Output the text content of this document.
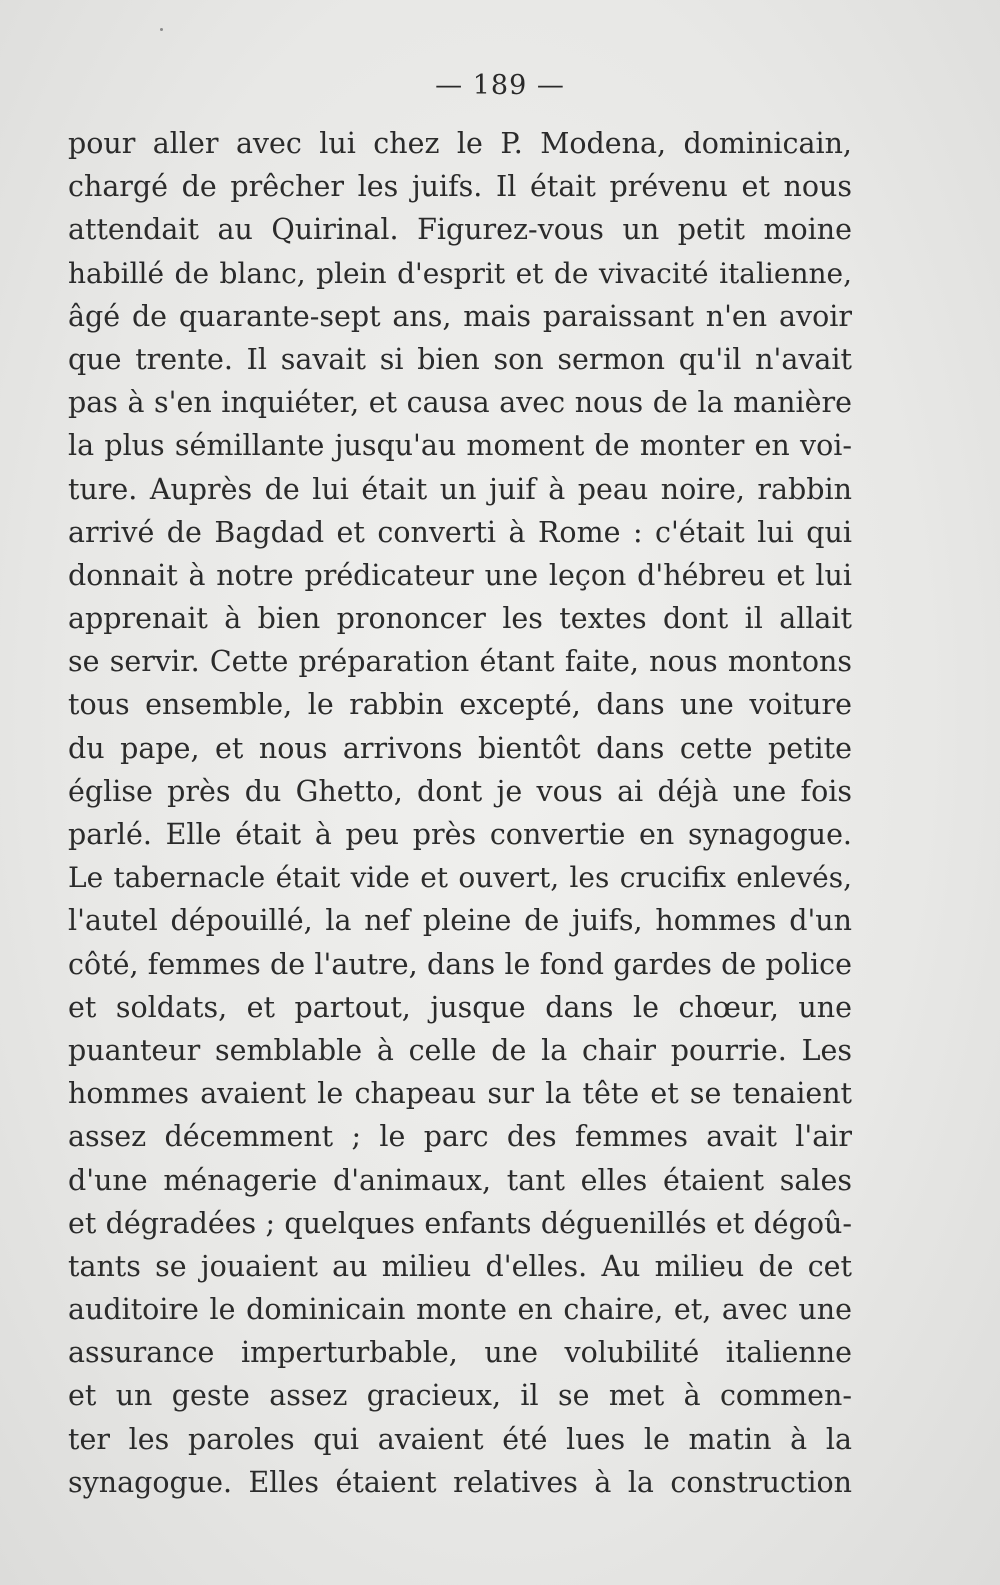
— 189 —
pour aller avec lui chez le P. Modena, dominicain,
chargé de prêcher les juifs. Il était prévenu et nous
attendait au Quirinal. Figurez-vous un petit moine
habillé de blanc, plein d'esprit et de vivacité italienne,
âgé de quarante-sept ans, mais paraissant n'en avoir
que trente. Il savait si bien son sermon qu'il n'avait
pas à s'en inquiéter, et causa avec nous de la manière
la plus sémillante jusqu'au moment de monter en voi-
ture. Auprès de lui était un juif à peau noire, rabbin
arrivé de Bagdad et converti à Rome : c'était lui qui
donnait à notre prédicateur une leçon d'hébreu et lui
apprenait à bien prononcer les textes dont il allait
se servir. Cette préparation étant faite, nous montons
tous ensemble, le rabbin excepté, dans une voiture
du pape, et nous arrivons bientôt dans cette petite
église près du Ghetto, dont je vous ai déjà une fois
parlé. Elle était à peu près convertie en synagogue.
Le tabernacle était vide et ouvert, les crucifix enlevés,
l'autel dépouillé, la nef pleine de juifs, hommes d'un
côté, femmes de l'autre, dans le fond gardes de police
et soldats, et partout, jusque dans le chœur, une
puanteur semblable à celle de la chair pourrie. Les
hommes avaient le chapeau sur la tête et se tenaient
assez décemment ; le parc des femmes avait l'air
d'une ménagerie d'animaux, tant elles étaient sales
et dégradées ; quelques enfants déguenillés et dégoû-
tants se jouaient au milieu d'elles. Au milieu de cet
auditoire le dominicain monte en chaire, et, avec une
assurance imperturbable, une volubilité italienne
et un geste assez gracieux, il se met à commen-
ter les paroles qui avaient été lues le matin à la
synagogue. Elles étaient relatives à la construction
